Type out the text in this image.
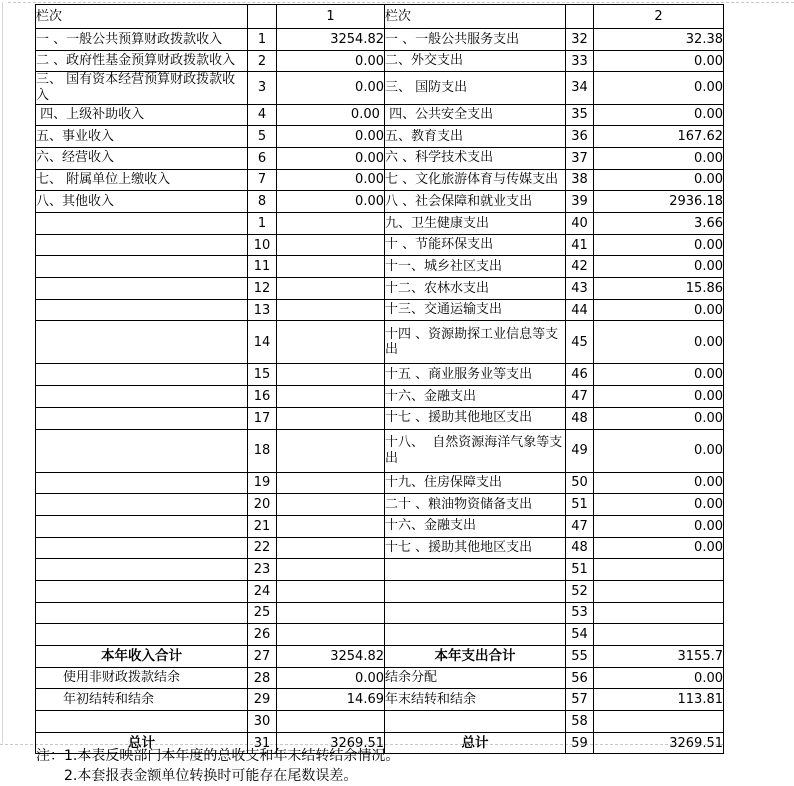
栏次		1	栏次		2
一 、一般公共预算财政拨款收入	1	3254.82	一 、一般公共服务支出	32	32.38
二 、政府性基金预算财政拨款收入	2	0.00	二、外交支出	33	0.00
三、 国有资本经营预算财政拨款收入	3	0.00	三、 国防支出	34	0.00
四、上级补助收入	4	0.00	四、公共安全支出	35	0.00
五、事业收入	5	0.00	五、教育支出	36	167.62
六、经营收入	6	0.00	六 、科学技术支出	37	0.00
七、 附属单位上缴收入	7	0.00	七 、文化旅游体育与传媒支出	38	0.00
八、其他收入	8	0.00	八 、社会保障和就业支出	39	2936.18
	1		九、卫生健康支出	40	3.66
	10		十 、节能环保支出	41	0.00
	11		十一、城乡社区支出	42	0.00
	12		十二、农林水支出	43	15.86
	13		十三、交通运输支出	44	0.00
	14		十四 、资源勘探工业信息等支出	45	0.00
	15		十五 、商业服务业等支出	46	0.00
	16		十六、金融支出	47	0.00
	17		十七 、援助其他地区支出	48	0.00
	18		十八、  自然资源海洋气象等支出	49	0.00
	19		十九、住房保障支出	50	0.00
	20		二十 、粮油物资储备支出	51	0.00
	21		十六、金融支出	47	0.00
	22		十七 、援助其他地区支出	48	0.00
	23			51	
	24			52	
	25			53	
	26			54	
本年收入合计	27	3254.82	本年支出合计	55	3155.7
使用非财政拨款结余	28	0.00	结余分配	56	0.00
年初结转和结余	29	14.69	年末结转和结余	57	113.81
	30			58	
总计	31	3269.51	总计	59	3269.51
注：1.本表反映部门本年度的总收支和年末结转结余情况。
2.本套报表金额单位转换时可能存在尾数误差。
